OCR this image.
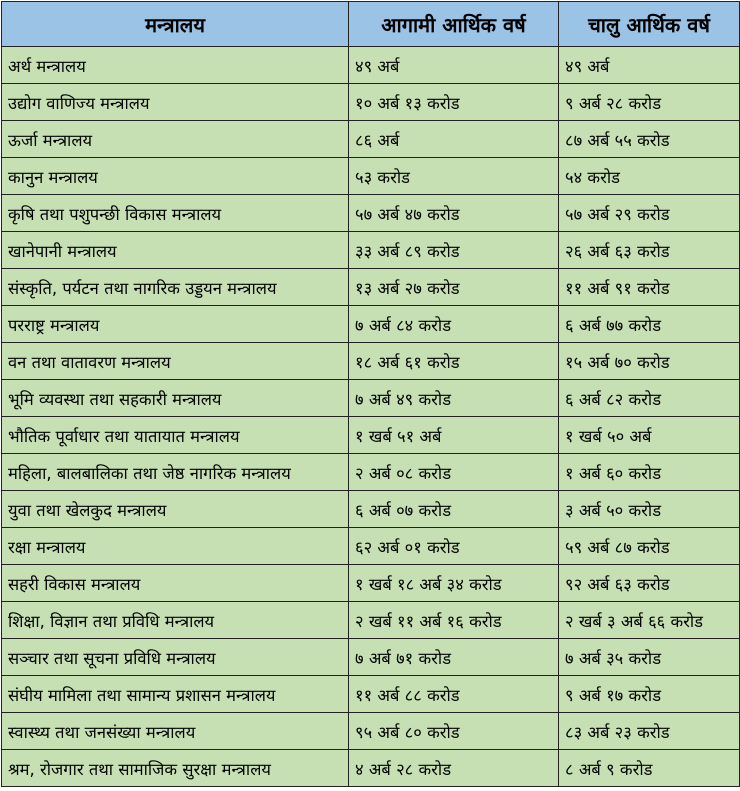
मन्त्रालय	आगामी आर्थिक वर्ष	चालु आर्थिक वर्ष
अर्थ मन्त्रालय	४९ अर्ब	४९ अर्ब
उद्योग वाणिज्य मन्त्रालय	१० अर्ब १३ करोड	९ अर्ब २८ करोड
ऊर्जा मन्त्रालय	८६ अर्ब	८७ अर्ब ५५ करोड
कानुन मन्त्रालय	५३ करोड	५४ करोड
कृषि तथा पशुपन्छी विकास मन्त्रालय	५७ अर्ब ४७ करोड	५७ अर्ब २९ करोड
खानेपानी मन्त्रालय	३३ अर्ब ८९ करोड	२६ अर्ब ६३ करोड
संस्कृति, पर्यटन तथा नागरिक उड्डयन मन्त्रालय	१३ अर्ब २७ करोड	११ अर्ब ९१ करोड
परराष्ट्र मन्त्रालय	७ अर्ब ८४ करोड	६ अर्ब ७७ करोड
वन तथा वातावरण मन्त्रालय	१८ अर्ब ६१ करोड	१५ अर्ब ७० करोड
भूमि व्यवस्था तथा सहकारी मन्त्रालय	७ अर्ब ४९ करोड	६ अर्ब ८२ करोड
भौतिक पूर्वाधार तथा यातायात मन्त्रालय	१ खर्ब ५१ अर्ब	१ खर्ब ५० अर्ब
महिला, बालबालिका तथा जेष्ठ नागरिक मन्त्रालय	२ अर्ब ०८ करोड	१ अर्ब ६० करोड
युवा तथा खेलकुद मन्त्रालय	६ अर्ब ०७ करोड	३ अर्ब ५० करोड
रक्षा मन्त्रालय	६२ अर्ब ०१ करोड	५९ अर्ब ८७ करोड
सहरी विकास मन्त्रालय	१ खर्ब १८ अर्ब ३४ करोड	९२ अर्ब ६३ करोड
शिक्षा, विज्ञान तथा प्रविधि मन्त्रालय	२ खर्ब ११ अर्ब १६ करोड	२ खर्ब ३ अर्ब ६६ करोड
सञ्चार तथा सूचना प्रविधि मन्त्रालय	७ अर्ब ७१ करोड	७ अर्ब ३५ करोड
संघीय मामिला तथा सामान्य प्रशासन मन्त्रालय	११ अर्ब ८८ करोड	९ अर्ब १७ करोड
स्वास्थ्य तथा जनसंख्या मन्त्रालय	९५ अर्ब ८० करोड	८३ अर्ब २३ करोड
श्रम, रोजगार तथा सामाजिक सुरक्षा मन्त्रालय	४ अर्ब २८ करोड	८ अर्ब ९ करोड
